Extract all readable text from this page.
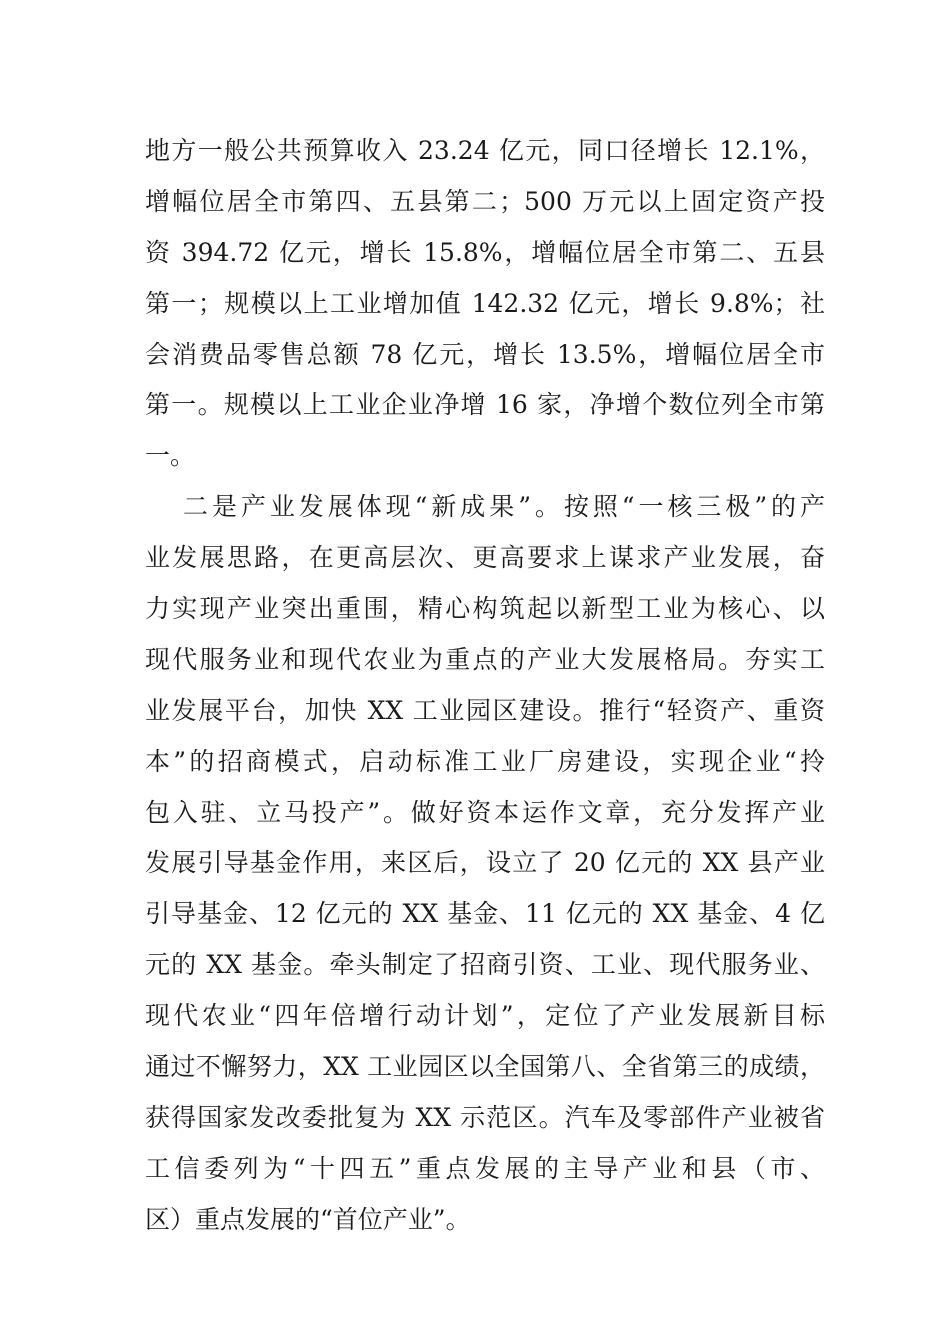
地方一般公共预算收入 23.24 亿元，同口径增长 12.1%，
增幅位居全市第四、五县第二；500 万元以上固定资产投
资 394.72 亿元，增长 15.8%，增幅位居全市第二、五县
第一；规模以上工业增加值 142.32 亿元，增长 9.8%；社
会消费品零售总额 78 亿元，增长 13.5%，增幅位居全市
第一。规模以上工业企业净增 16 家，净增个数位列全市第
一。
二是产业发展体现“新成果”。按照“一核三极”的产
业发展思路，在更高层次、更高要求上谋求产业发展，奋
力实现产业突出重围，精心构筑起以新型工业为核心、以
现代服务业和现代农业为重点的产业大发展格局。夯实工
业发展平台，加快 XX 工业园区建设。推行“轻资产、重资
本”的招商模式，启动标准工业厂房建设，实现企业“拎
包入驻、立马投产”。做好资本运作文章，充分发挥产业
发展引导基金作用，来区后，设立了 20 亿元的 XX 县产业
引导基金、12 亿元的 XX 基金、11 亿元的 XX 基金、4 亿
元的 XX 基金。牵头制定了招商引资、工业、现代服务业、
现代农业“四年倍增行动计划”，定位了产业发展新目标
通过不懈努力，XX 工业园区以全国第八、全省第三的成绩，
获得国家发改委批复为 XX 示范区。汽车及零部件产业被省
工信委列为“十四五”重点发展的主导产业和县（市、
区）重点发展的“首位产业”。
